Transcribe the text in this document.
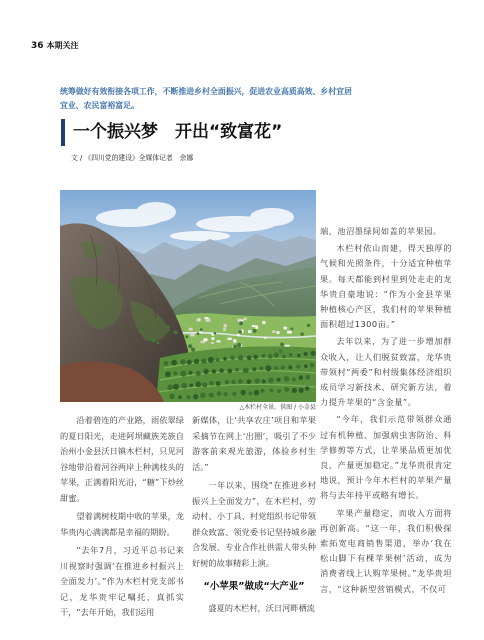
36 本期关注
统筹做好有效衔接各项工作，不断推进乡村全面振兴，促进农业高质高效、乡村宜居宜业、农民富裕富足。
一个振兴梦　开出“致富花”
文 / 《四川党的建设》全媒体记者　余娜
△木栏村全景。供图 / 小金县

沿着碧连的产业路，雨依翠绿的夏日阳光，走进阿坝藏族羌族自治州小金县沃日镇木栏村，只见河谷地带沿着河谷两岸上种满枝头的苹果，正满着阳光沿，“糖”下炒丝甜蜜。

望着满树枝期中收的苹果，龙华贵内心满满都是幸福的期盼。

“去年7月，习近平总书记来川视察时强调‘在推进乡村振兴上全面发力’。”作为木栏村党支部书记，龙华贵牢记嘱托，真抓实干，“去年开始，我们运用

新媒体，让‘共享农庄’项目和苹果采摘节在网上‘出圈’，吸引了不少游客前来观光旅游，体验乡村生活。”

一年以来，围绕“在推进乡村振兴上全面发力”，在木栏村，劳动村、小丁具、村党组织书记带领群众致富、领党委书记坚持城乡融合发展、专业合作社供需人带头种好树的故事精彩上演。

“小苹果”做成“大产业”

盛夏的木栏村，沃日河畔栖流

端，池沼墨绿间如盖的苹果园。

木栏村依山而建，得天独厚的气候和光照条件，十分适宜种植苹果。每天都能到村里到处走走的龙华贵自豪地说：“作为小金县苹果种植核心产区，我们村的苹果种植面积超过1300亩。”

去年以来，为了进一步增加群众收入，让人们脱贫致富，龙华贵带领村“两委”和村级集体经济组织成员学习新技术、研究新方法，着力提升苹果的“含金量”。

“今年，我们示范带领群众通过有机种植、加强病虫害防治、科学修剪等方式，让苹果品质更加优良，产量更加稳定。”龙华贵很肯定地说，预计今年木栏村的苹果产量将与去年持平或略有增长。

苹果产量稳定，而收入方面将再创新高。“这一年，我们积极探索拓宽电商销售渠道，举办‘我在松山脚下有棵苹果树’活动，成为消费者线上认购苹果树。”龙华贵坦言，“这种新型营销模式，不仅可
